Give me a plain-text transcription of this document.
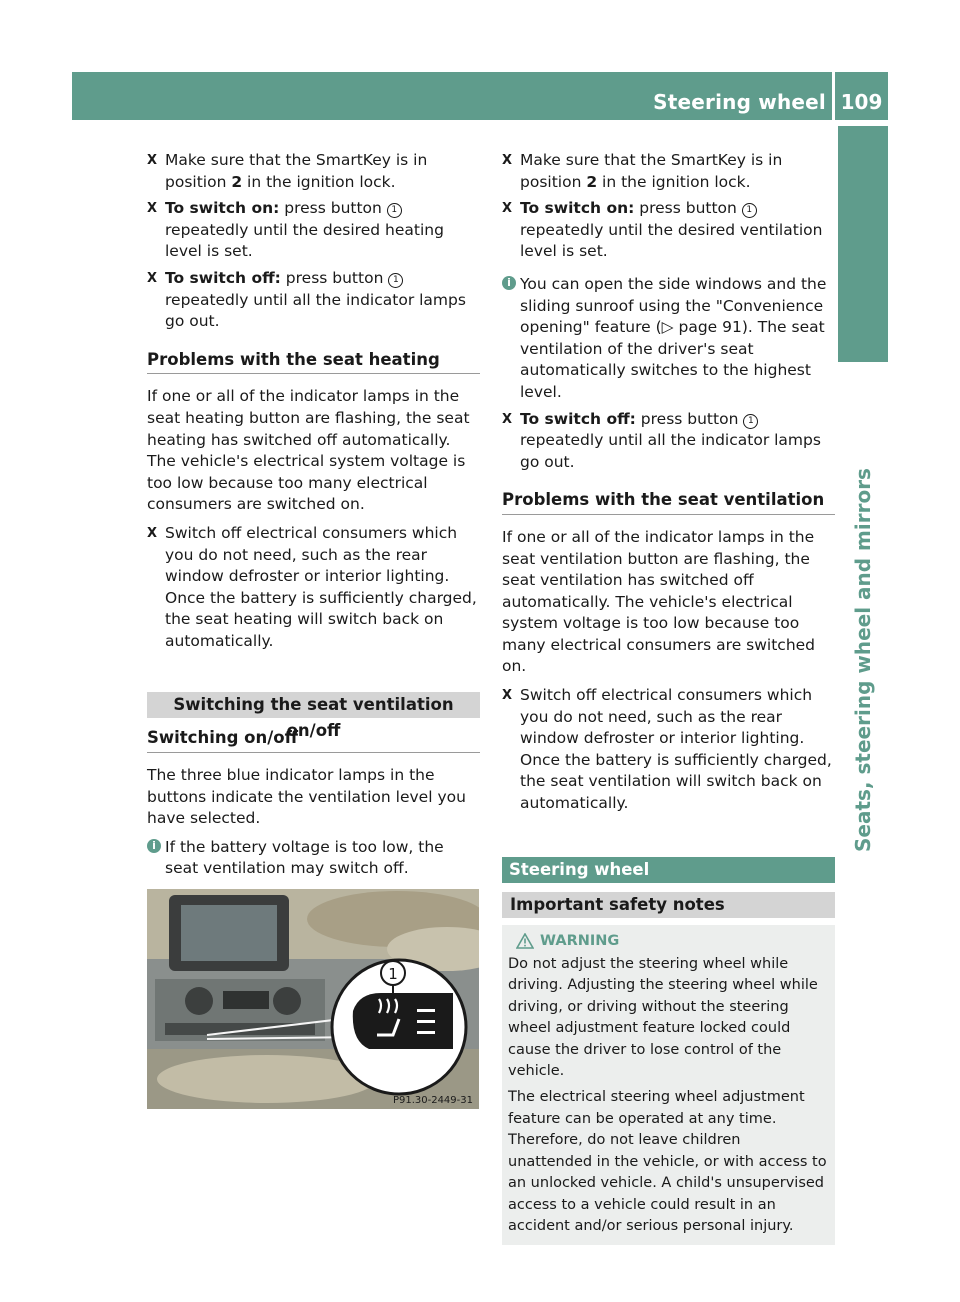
Steering wheel 109
Seats, steering wheel and mirrors
X Make sure that the SmartKey is in position 2 in the ignition lock.
X To switch on: press button 1 repeatedly until the desired heating level is set.
X To switch off: press button 1 repeatedly until all the indicator lamps go out.
Problems with the seat heating

If one or all of the indicator lamps in the seat heating button are flashing, the seat heating has switched off automatically. The vehicle's electrical system voltage is too low because too many electrical consumers are switched on.

X Switch off electrical consumers which you do not need, such as the rear window defroster or interior lighting.
Once the battery is sufficiently charged, the seat heating will switch back on automatically.
Switching the seat ventilation on/off
Switching on/off

The three blue indicator lamps in the buttons indicate the ventilation level you have selected.

i If the battery voltage is too low, the seat ventilation may switch off.
1
P91.30-2449-31
X Make sure that the SmartKey is in position 2 in the ignition lock.
X To switch on: press button 1 repeatedly until the desired ventilation level is set.
i You can open the side windows and the sliding sunroof using the "Convenience opening" feature (▷ page 91). The seat ventilation of the driver's seat automatically switches to the highest level.
X To switch off: press button 1 repeatedly until all the indicator lamps go out.
Problems with the seat ventilation

If one or all of the indicator lamps in the seat ventilation button are flashing, the seat ventilation has switched off automatically. The vehicle's electrical system voltage is too low because too many electrical consumers are switched on.

X Switch off electrical consumers which you do not need, such as the rear window defroster or interior lighting.
Once the battery is sufficiently charged, the seat ventilation will switch back on automatically.
Steering wheel
Important safety notes
WARNING

Do not adjust the steering wheel while driving. Adjusting the steering wheel while driving, or driving without the steering wheel adjustment feature locked could cause the driver to lose control of the vehicle.

The electrical steering wheel adjustment feature can be operated at any time. Therefore, do not leave children unattended in the vehicle, or with access to an unlocked vehicle. A child's unsupervised access to a vehicle could result in an accident and/or serious personal injury.
